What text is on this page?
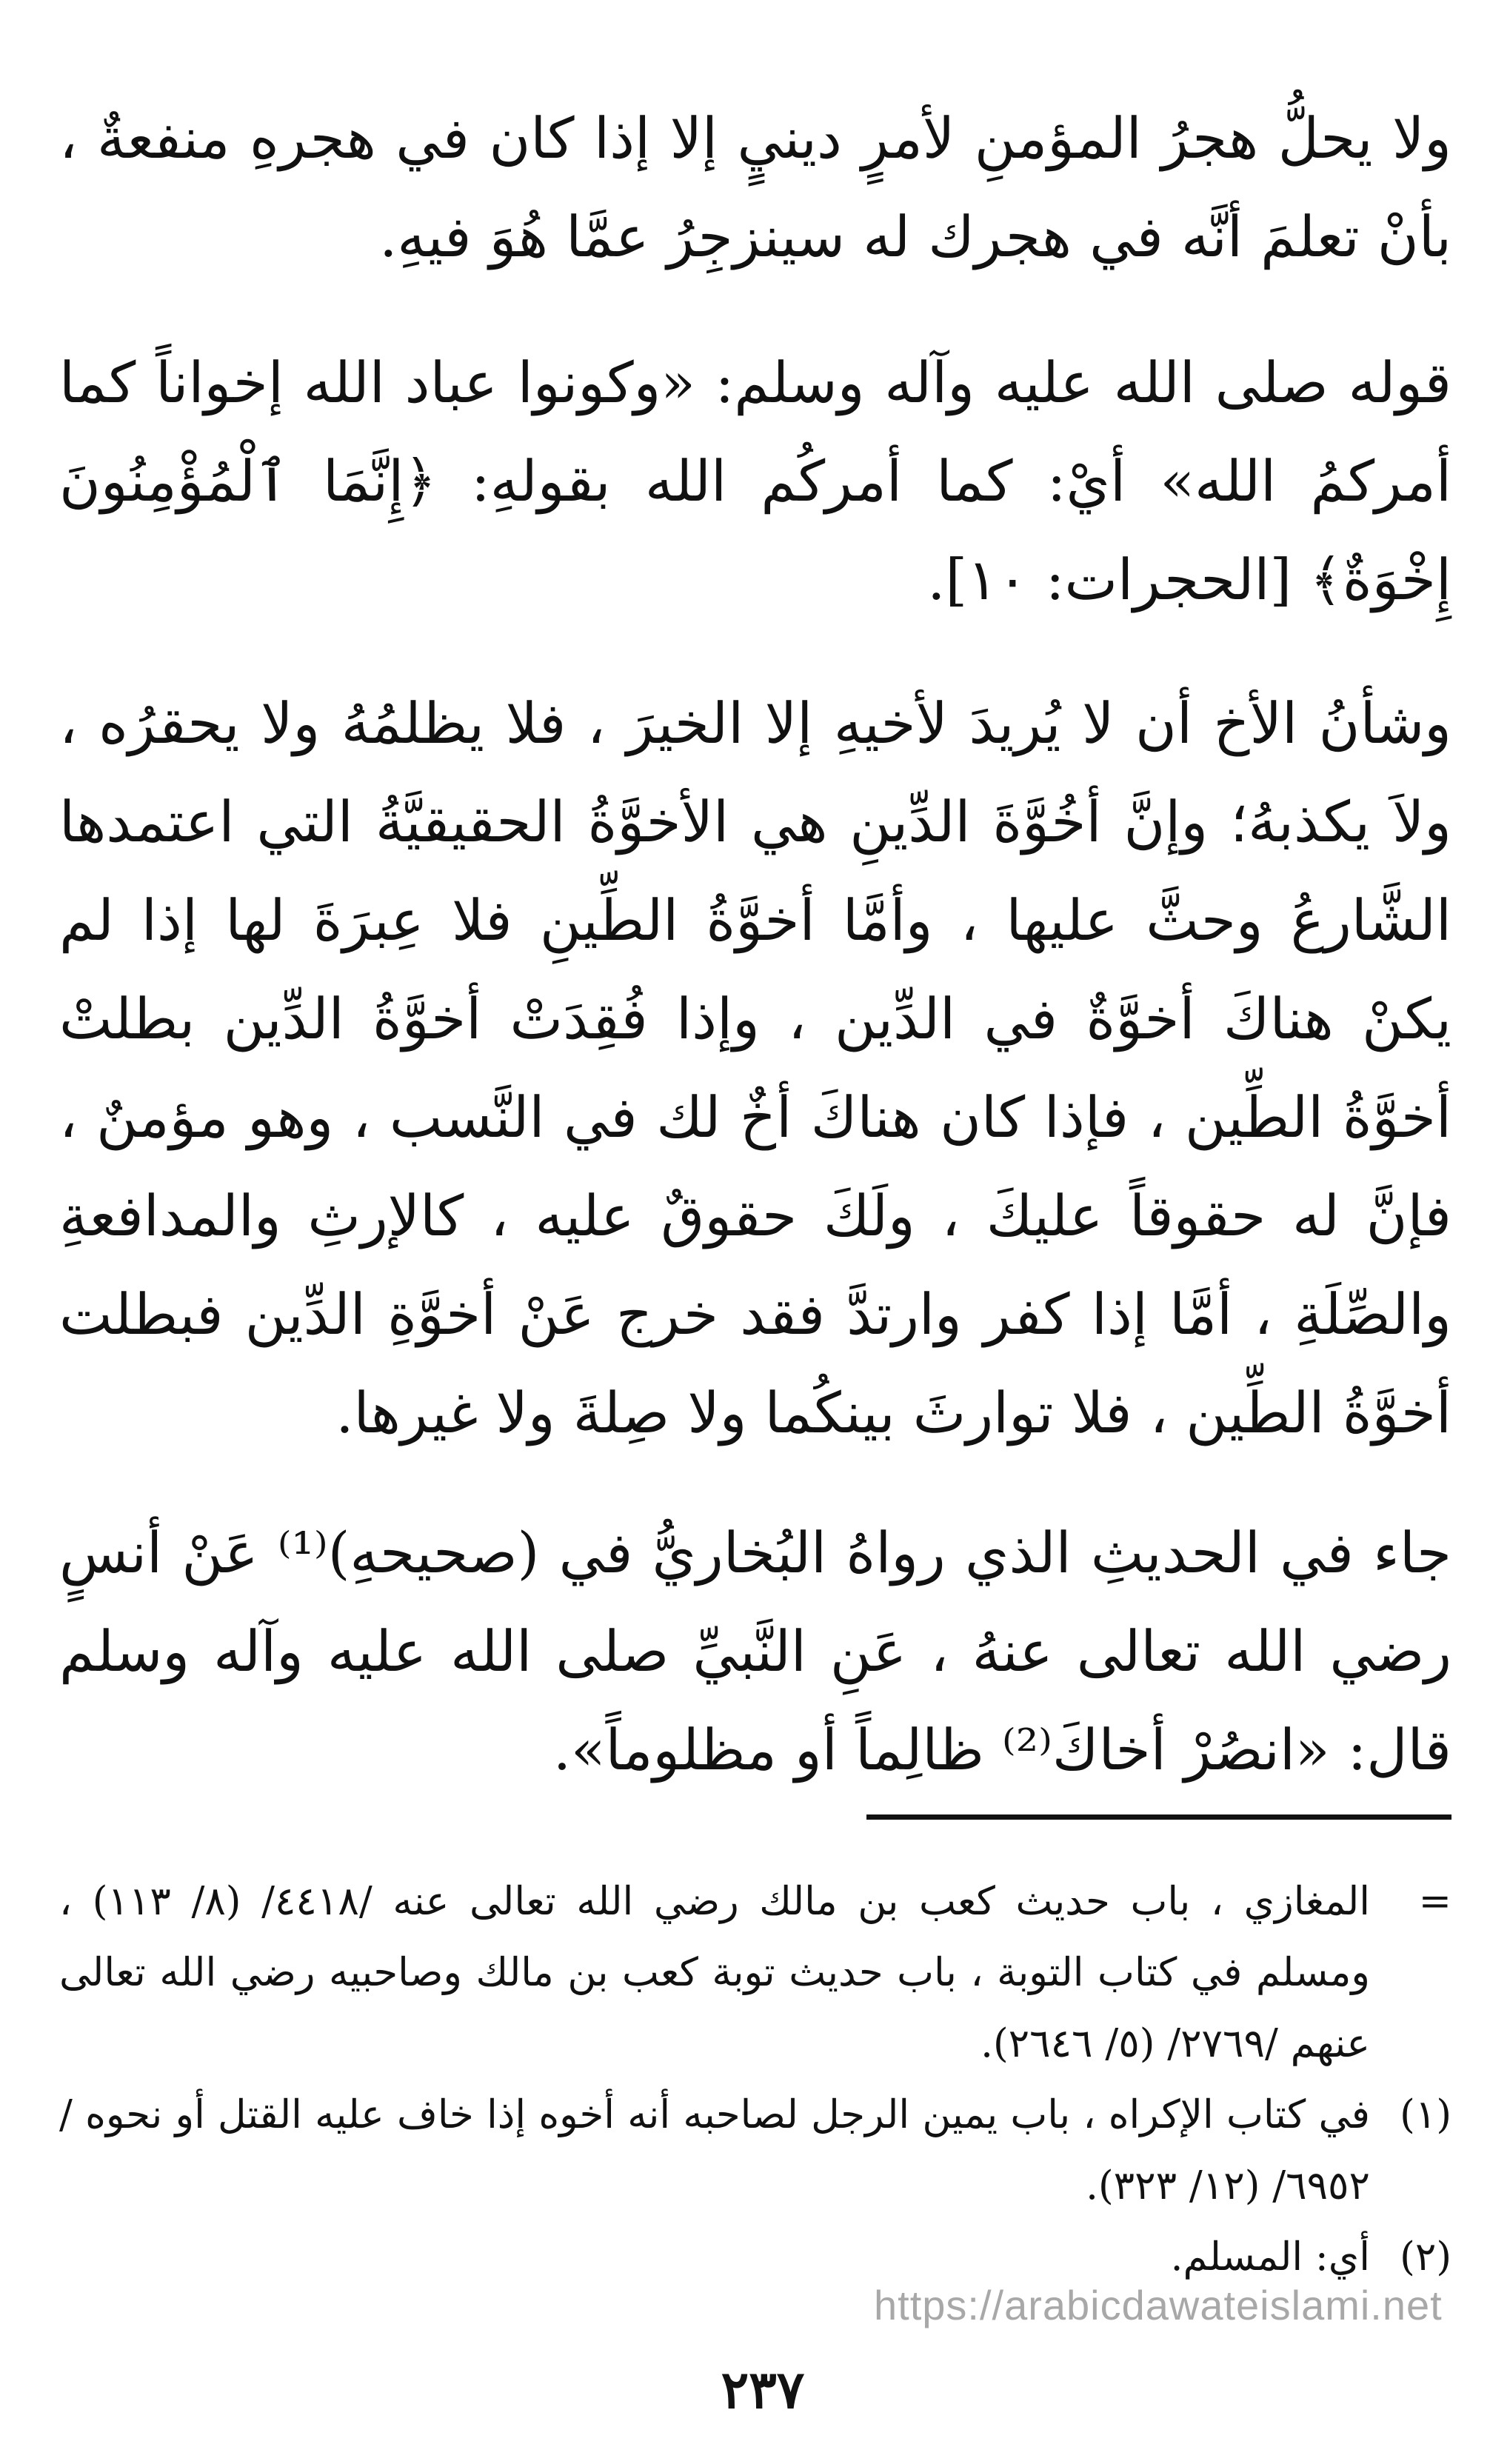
ولا يحلُّ هجرُ المؤمنِ لأمرٍ دينيٍ إلا إذا كان في هجرهِ منفعةٌ ، بأنْ تعلمَ أنَّه في هجرك له سينزجِرُ عمَّا هُوَ فيهِ.

قوله صلى الله عليه وآله وسلم: «وكونوا عباد الله إخواناً كما أمركمُ الله» أيْ: كما أمركُم الله بقولهِ: ﴿إِنَّمَا ٱلْمُؤْمِنُونَ إِخْوَةٌ﴾ [الحجرات: ١٠].

وشأنُ الأخ أن لا يُريدَ لأخيهِ إلا الخيرَ ، فلا يظلمُهُ ولا يحقرُه ، ولاَ يكذبهُ؛ وإنَّ أخُوَّةَ الدِّينِ هي الأخوَّةُ الحقيقيَّةُ التي اعتمدها الشَّارعُ وحثَّ عليها ، وأمَّا أخوَّةُ الطِّينِ فلا عِبرَةَ لها إذا لم يكنْ هناكَ أخوَّةٌ في الدِّين ، وإذا فُقِدَتْ أخوَّةُ الدِّين بطلتْ أخوَّةُ الطِّين ، فإذا كان هناكَ أخٌ لك في النَّسب ، وهو مؤمنٌ ، فإنَّ له حقوقاً عليكَ ، ولَكَ حقوقٌ عليه ، كالإرثِ والمدافعةِ والصِّلَةِ ، أمَّا إذا كفر وارتدَّ فقد خرج عَنْ أخوَّةِ الدِّين فبطلت أخوَّةُ الطِّين ، فلا توارثَ بينكُما ولا صِلةَ ولا غيرها.

جاء في الحديثِ الذي رواهُ البُخاريُّ في (صحيحهِ)⁽¹⁾ عَنْ أنسٍ رضي الله تعالى عنهُ ، عَنِ النَّبيِّ صلى الله عليه وآله وسلم قال: «انصُرْ أخاكَ⁽²⁾ ظالِماً أو مظلوماً».

=
المغازي ، باب حديث كعب بن مالك رضي الله تعالى عنه /٤٤١٨/ (٨/ ١١٣) ، ومسلم في كتاب التوبة ، باب حديث توبة كعب بن مالك وصاحبيه رضي الله تعالى عنهم /٢٧٦٩/ (٥/ ٢٦٤٦).
(١)
في كتاب الإكراه ، باب يمين الرجل لصاحبه أنه أخوه إذا خاف عليه القتل أو نحوه /٦٩٥٢/ (١٢/ ٣٢٣).
(٢)
أي: المسلم.
https://arabicdawateislami.net
٢٣٧
